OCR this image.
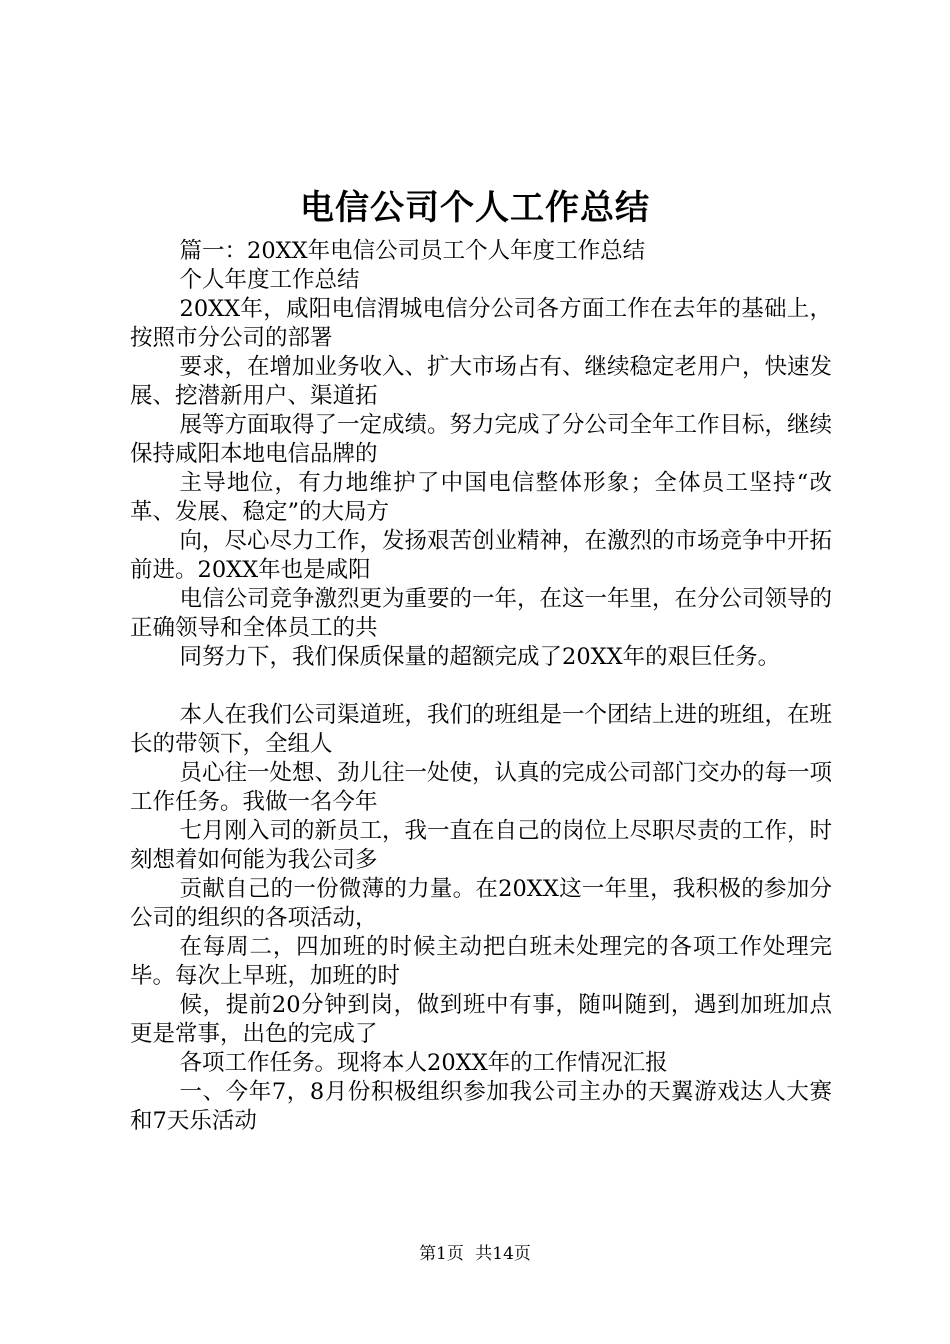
电信公司个人工作总结

篇一：20XX年电信公司员工个人年度工作总结

个人年度工作总结

20XX年，咸阳电信渭城电信分公司各方面工作在去年的基础上，按照市分公司的部署

要求，在增加业务收入、扩大市场占有、继续稳定老用户，快速发展、挖潜新用户、渠道拓

展等方面取得了一定成绩。努力完成了分公司全年工作目标，继续保持咸阳本地电信品牌的

主导地位，有力地维护了中国电信整体形象；全体员工坚持“改革、发展、稳定”的大局方

向，尽心尽力工作，发扬艰苦创业精神，在激烈的市场竞争中开拓前进。20XX年也是咸阳

电信公司竞争激烈更为重要的一年，在这一年里，在分公司领导的正确领导和全体员工的共

同努力下，我们保质保量的超额完成了20XX年的艰巨任务。

本人在我们公司渠道班，我们的班组是一个团结上进的班组，在班长的带领下，全组人

员心往一处想、劲儿往一处使，认真的完成公司部门交办的每一项工作任务。我做一名今年

七月刚入司的新员工，我一直在自己的岗位上尽职尽责的工作，时刻想着如何能为我公司多

贡献自己的一份微薄的力量。在20XX这一年里，我积极的参加分公司的组织的各项活动，

在每周二，四加班的时候主动把白班未处理完的各项工作处理完毕。每次上早班，加班的时

候，提前20分钟到岗，做到班中有事，随叫随到，遇到加班加点更是常事，出色的完成了

各项工作任务。现将本人20XX年的工作情况汇报

一、今年7，8月份积极组织参加我公司主办的天翼游戏达人大赛和7天乐活动

第1页 共14页
